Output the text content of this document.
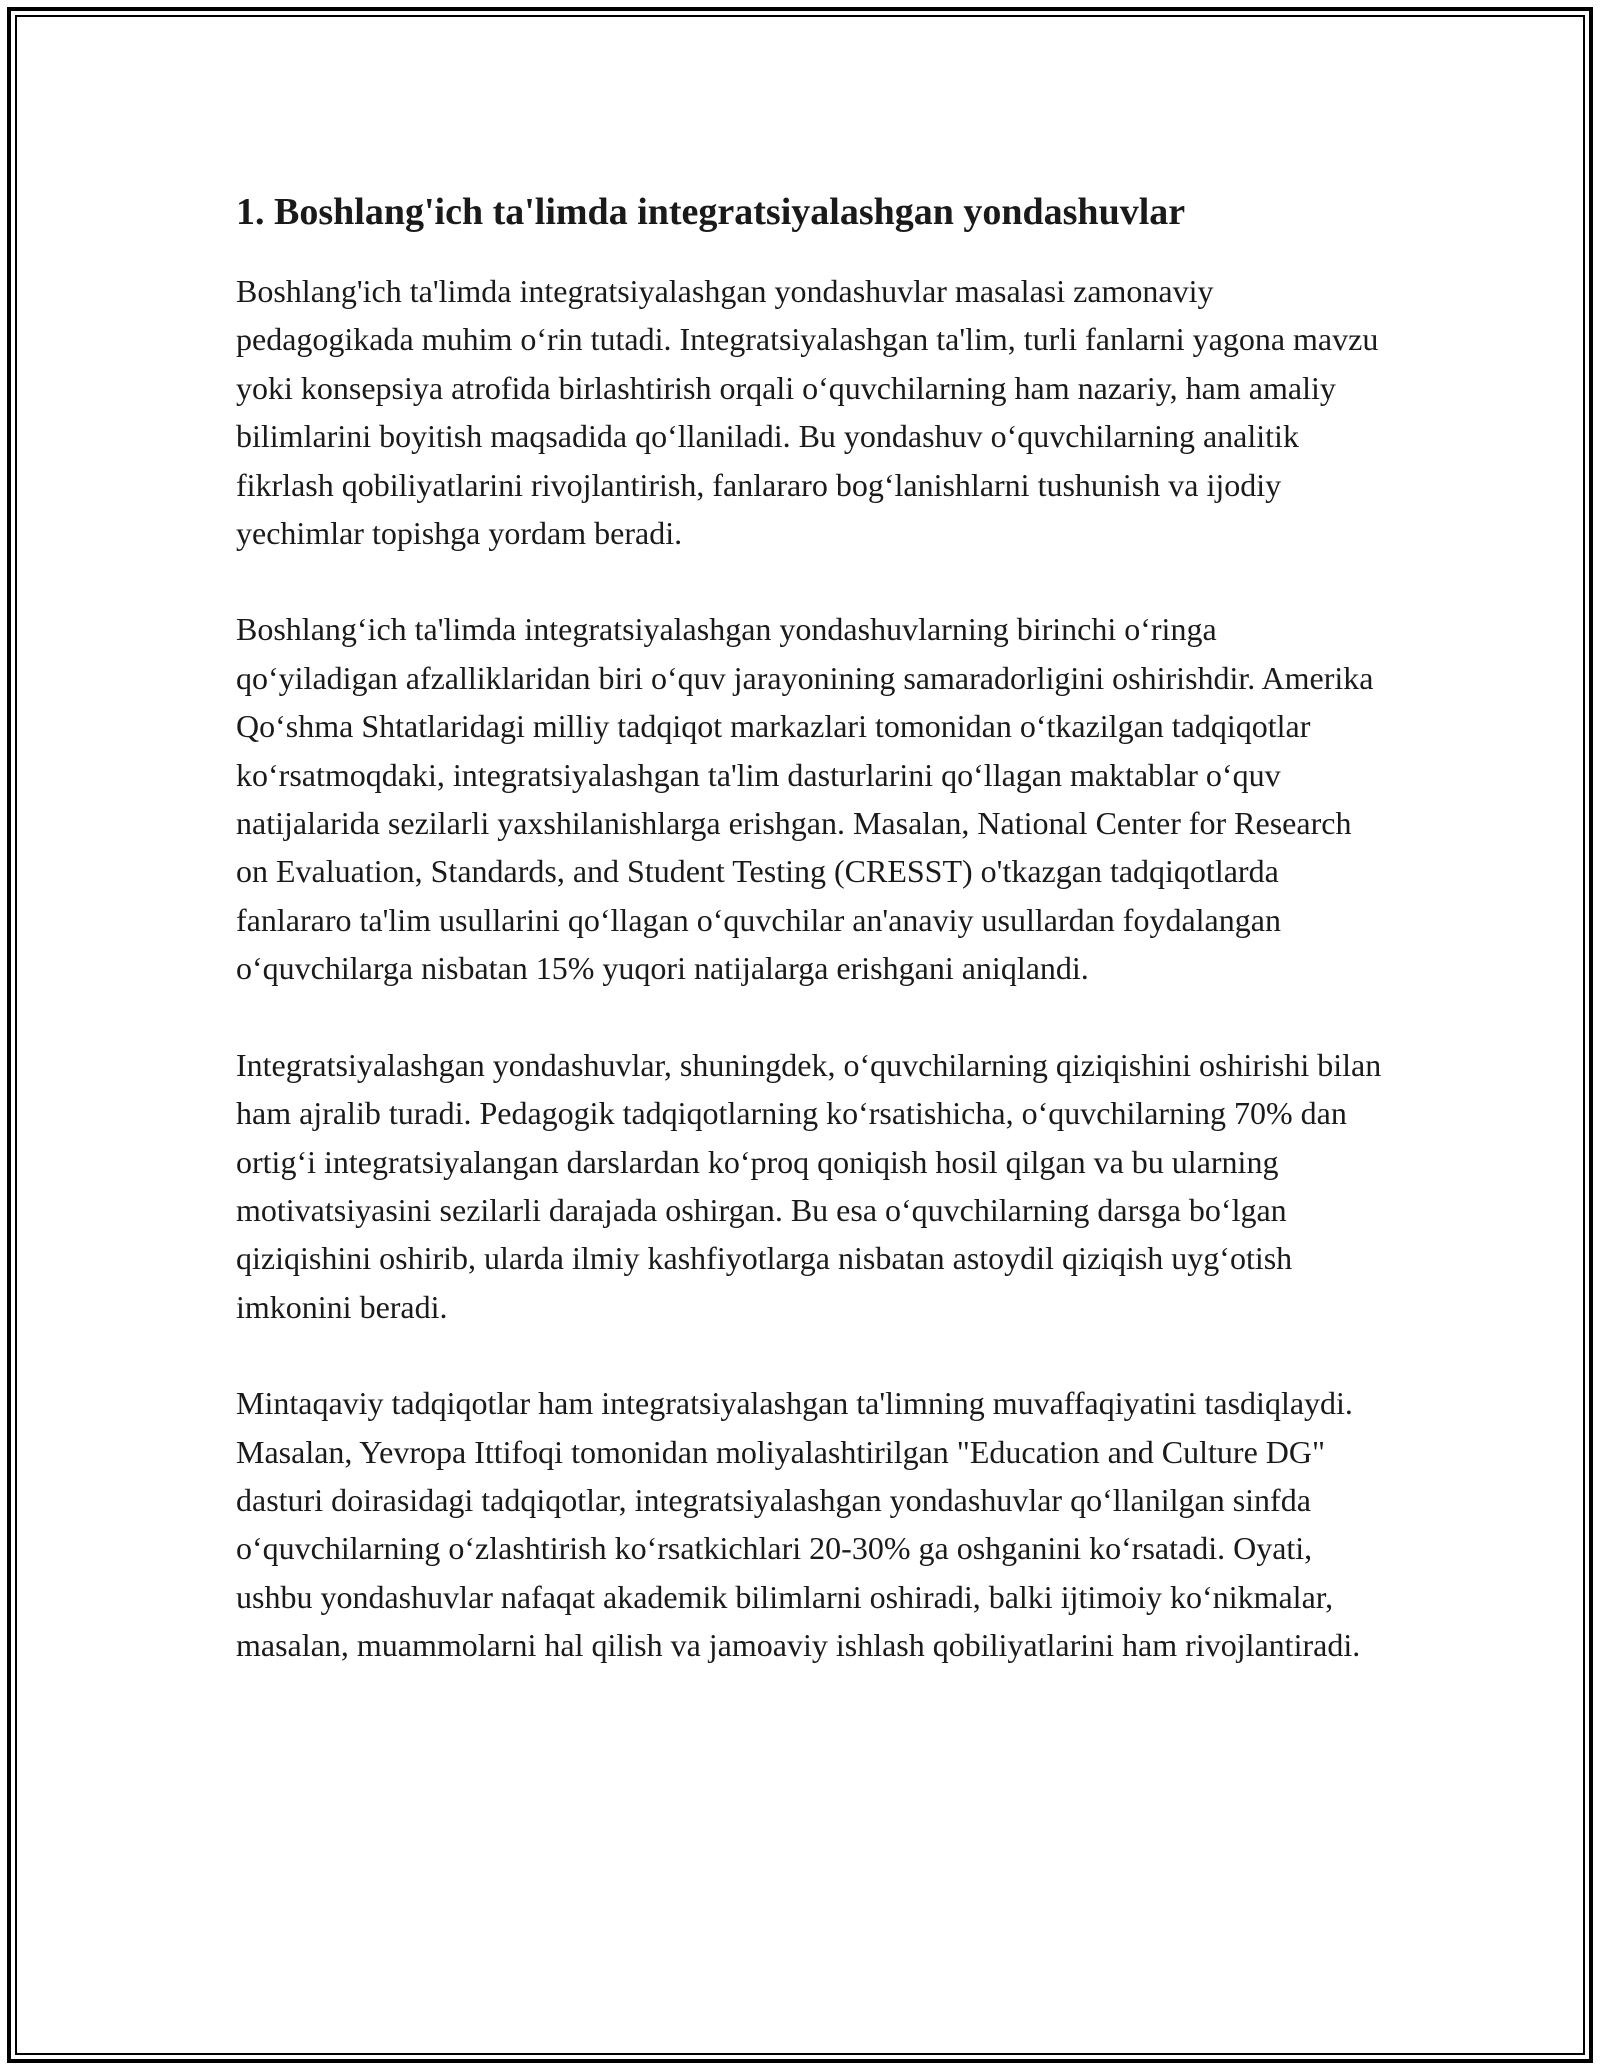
1. Boshlang'ich ta'limda integratsiyalashgan yondashuvlar

Boshlang'ich ta'limda integratsiyalashgan yondashuvlar masalasi zamonaviy pedagogikada muhim o‘rin tutadi. Integratsiyalashgan ta'lim, turli fanlarni yagona mavzu yoki konsepsiya atrofida birlashtirish orqali o‘quvchilarning ham nazariy, ham amaliy bilimlarini boyitish maqsadida qo‘llaniladi. Bu yondashuv o‘quvchilarning analitik fikrlash qobiliyatlarini rivojlantirish, fanlararo bog‘lanishlarni tushunish va ijodiy yechimlar topishga yordam beradi.

Boshlang‘ich ta'limda integratsiyalashgan yondashuvlarning birinchi o‘ringa qo‘yiladigan afzalliklaridan biri o‘quv jarayonining samaradorligini oshirishdir. Amerika Qo‘shma Shtatlaridagi milliy tadqiqot markazlari tomonidan o‘tkazilgan tadqiqotlar ko‘rsatmoqdaki, integratsiyalashgan ta'lim dasturlarini qo‘llagan maktablar o‘quv natijalarida sezilarli yaxshilanishlarga erishgan. Masalan, National Center for Research on Evaluation, Standards, and Student Testing (CRESST) o'tkazgan tadqiqotlarda fanlararo ta'lim usullarini qo‘llagan o‘quvchilar an'anaviy usullardan foydalangan o‘quvchilarga nisbatan 15% yuqori natijalarga erishgani aniqlandi.

Integratsiyalashgan yondashuvlar, shuningdek, o‘quvchilarning qiziqishini oshirishi bilan ham ajralib turadi. Pedagogik tadqiqotlarning ko‘rsatishicha, o‘quvchilarning 70% dan ortig‘i integratsiyalangan darslardan ko‘proq qoniqish hosil qilgan va bu ularning motivatsiyasini sezilarli darajada oshirgan. Bu esa o‘quvchilarning darsga bo‘lgan qiziqishini oshirib, ularda ilmiy kashfiyotlarga nisbatan astoydil qiziqish uyg‘otish imkonini beradi.

Mintaqaviy tadqiqotlar ham integratsiyalashgan ta'limning muvaffaqiyatini tasdiqlaydi. Masalan, Yevropa Ittifoqi tomonidan moliyalashtirilgan "Education and Culture DG" dasturi doirasidagi tadqiqotlar, integratsiyalashgan yondashuvlar qo‘llanilgan sinfda o‘quvchilarning o‘zlashtirish ko‘rsatkichlari 20-30% ga oshganini ko‘rsatadi. Oyati, ushbu yondashuvlar nafaqat akademik bilimlarni oshiradi, balki ijtimoiy ko‘nikmalar, masalan, muammolarni hal qilish va jamoaviy ishlash qobiliyatlarini ham rivojlantiradi.
